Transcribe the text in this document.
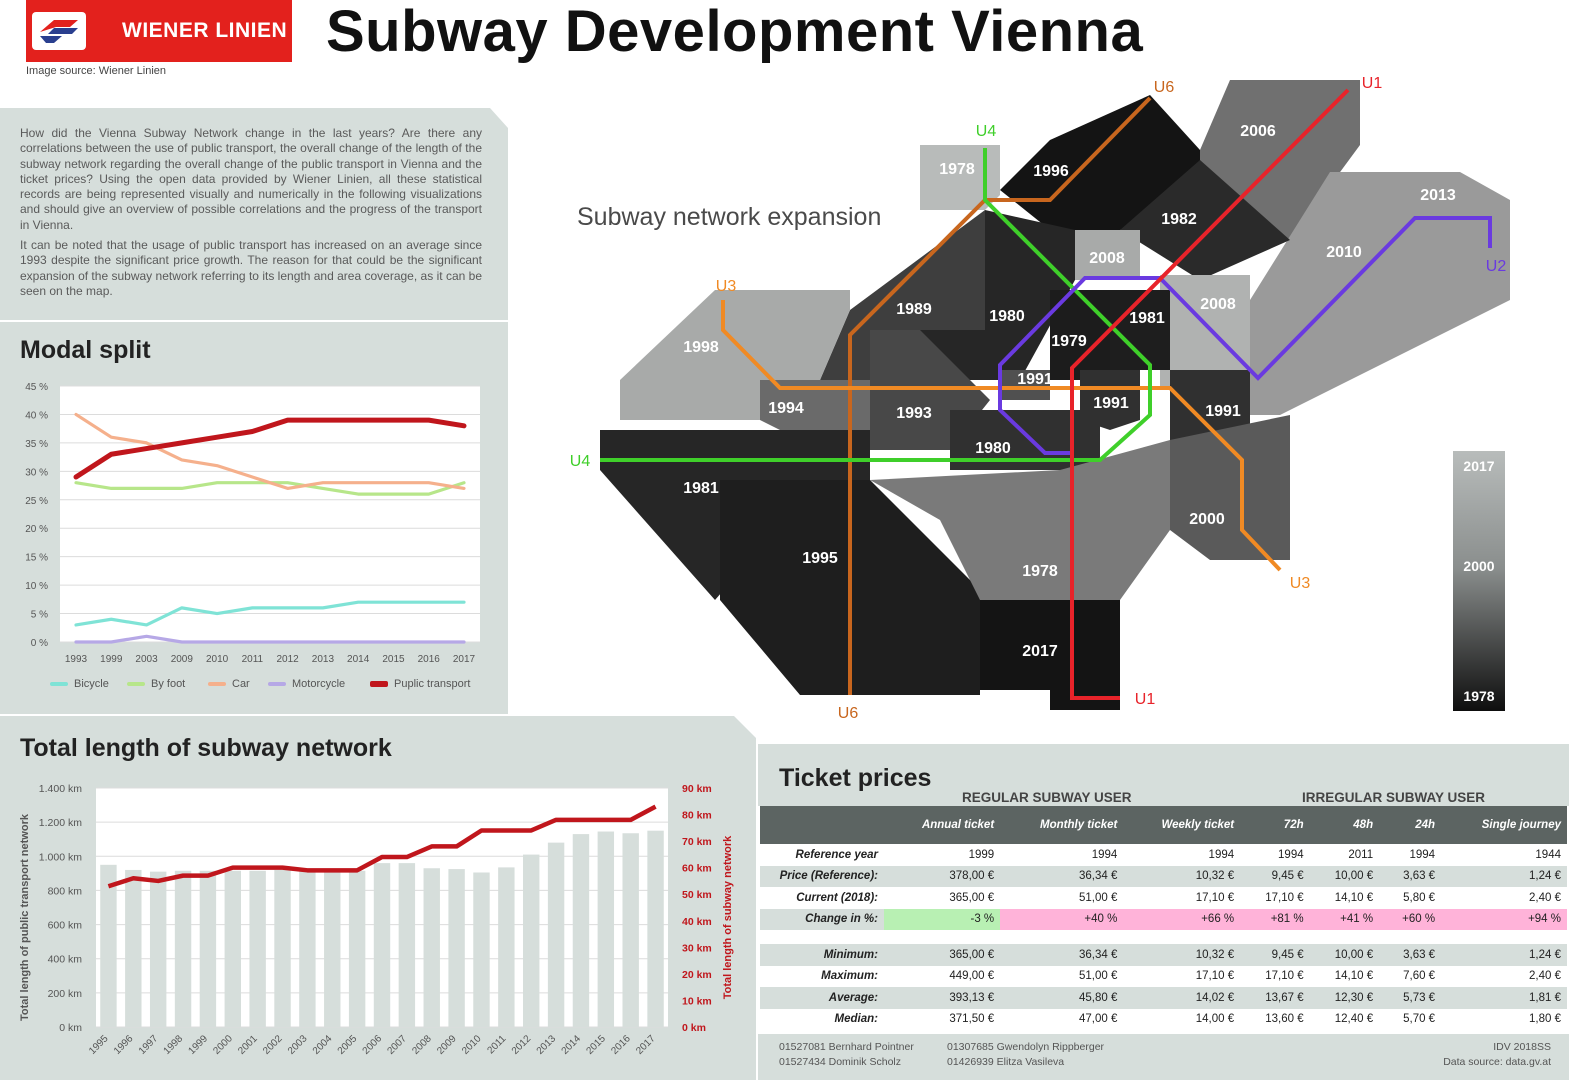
WIENER LINIEN Subway Development Vienna
Image source: Wiener Linien

How did the Vienna Subway Network change in the last years? Are there any correlations between the use of public transport, the overall change of the length of the subway network regarding the overall change of the public transport in Vienna and the ticket prices? Using the open data provided by Wiener Linien, all these statistical records are being represented visually and numerically in the following visualizations and should give an overview of possible correlations and the progress of the transport in Vienna.

It can be noted that the usage of public transport has increased on an average since 1993 despite the significant price growth. The reason for that could be the significant expansion of the subway network referring to its length and area coverage, as it can be seen on the map.

Modal split
0 %
5 %
10 %
15 %
20 %
25 %
30 %
35 %
40 %
45 %
1993 1999 2003 2009 2010 2011 2012 2013 2014 2015 2016 2017
Bicycle	By foot	Car	Motorcycle	Puplic transport
Total length of subway network
0 km
200 km
400 km
600 km
800 km
1.000 km
1.200 km
1.400 km
0 km
10 km
20 km
30 km
40 km
50 km
60 km
70 km
80 km
90 km
1995 1996 1997 1998 1999 2000 2001 2002 2003 2004 2005 2006 2007 2008 2009 2010 2011 2012 2013 2014 2015 2016 2017
Total length of public transport network	Total length of subway network
Subway network expansion
1978	1996
2006
1982
2013
2008	2010
1989	1980
1979
1981
2008
1998
1994	1993
1991
1991	1991
1980
1981
1995
2000
1978
2017
U6	U1
U4
U3
U2
U4
U3
U1
U6
2017
2000
1978
Ticket prices
REGULAR SUBWAY USER	IRREGULAR SUBWAY USER
	Annual ticket	Monthly ticket	Weekly ticket	72h	48h	24h	Single journey
Reference year	1999	1994	1994	1994	2011	1994	1944
Price (Reference):	378,00 €	36,34 €	10,32 €	9,45 €	10,00 €	3,63 €	1,24 €
Current (2018):	365,00 €	51,00 €	17,10 €	17,10 €	14,10 €	5,80 €	2,40 €
Change in %:	-3 %	+40 %	+66 %	+81 %	+41 %	+60 %	+94 %

Minimum:	365,00 €	36,34 €	10,32 €	9,45 €	10,00 €	3,63 €	1,24 €
Maximum:	449,00 €	51,00 €	17,10 €	17,10 €	14,10 €	7,60 €	2,40 €
Average:	393,13 €	45,80 €	14,02 €	13,67 €	12,30 €	5,73 €	1,81 €
Median:	371,50 €	47,00 €	14,00 €	13,60 €	12,40 €	5,70 €	1,80 €
01527081 Bernhard Pointner
01527434 Dominik Scholz
01307685 Gwendolyn Rippberger
01426939 Elitza Vasileva
IDV 2018SS
Data source: data.gv.at
